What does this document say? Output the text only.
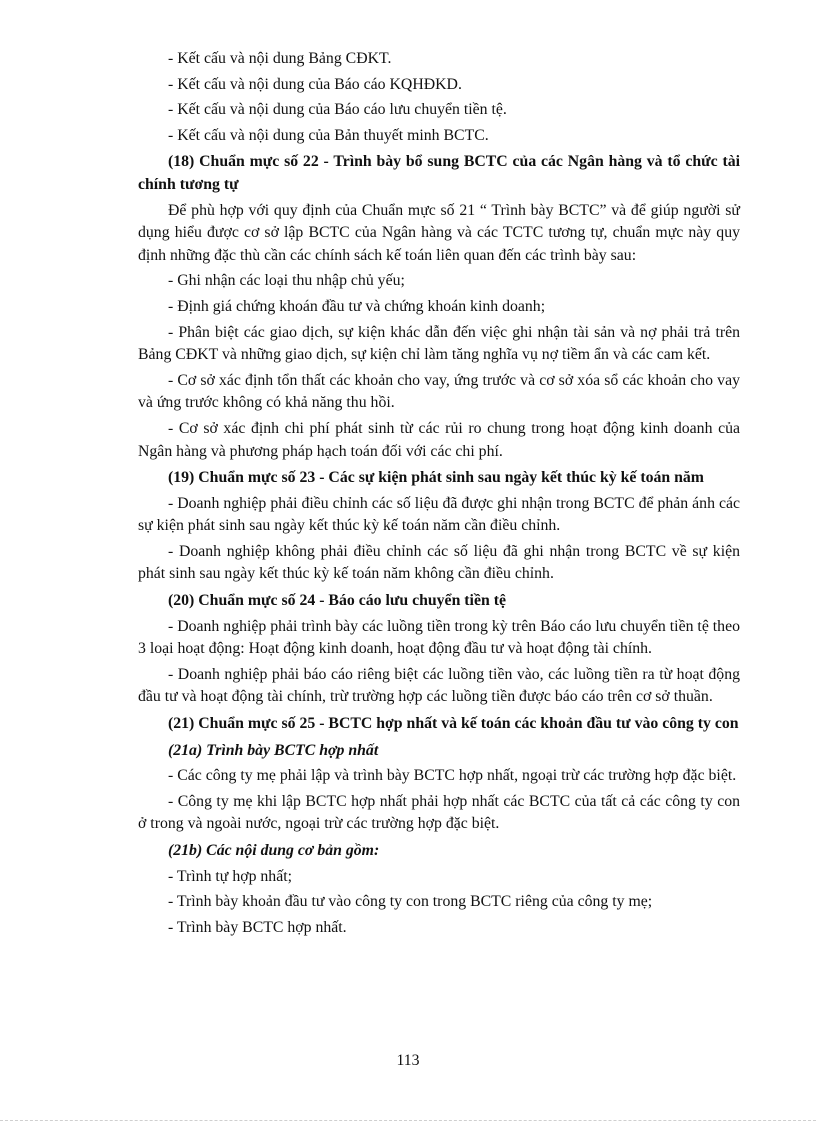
- Kết cấu và nội dung Bảng CĐKT.

- Kết cấu và nội dung của Báo cáo KQHĐKD.

- Kết cấu và nội dung của Báo cáo lưu chuyển tiền tệ.

- Kết cấu và nội dung của Bản thuyết minh BCTC.

(18) Chuẩn mực số 22 - Trình bày bổ sung BCTC của các Ngân hàng và tổ chức tài chính tương tự

Để phù hợp với quy định của Chuẩn mực số 21 “ Trình bày BCTC” và để giúp người sử dụng hiểu được cơ sở lập BCTC của Ngân hàng và các TCTC tương tự, chuẩn mực này quy định những đặc thù cần các chính sách kế toán liên quan đến các trình bày sau:

- Ghi nhận các loại thu nhập chủ yếu;

- Định giá chứng khoán đầu tư và chứng khoán kinh doanh;

- Phân biệt các giao dịch, sự kiện khác dẫn đến việc ghi nhận tài sản và nợ phải trả trên Bảng CĐKT và những giao dịch, sự kiện chỉ làm tăng nghĩa vụ nợ tiềm ẩn và các cam kết.

- Cơ sở xác định tổn thất các khoản cho vay, ứng trước và cơ sở xóa sổ các khoản cho vay và ứng trước không có khả năng thu hồi.

- Cơ sở xác định chi phí phát sinh từ các rủi ro chung trong hoạt động kinh doanh của Ngân hàng và phương pháp hạch toán đối với các chi phí.

(19) Chuẩn mực số 23 - Các sự kiện phát sinh sau ngày kết thúc kỳ kế toán năm

- Doanh nghiệp phải điều chỉnh các số liệu đã được ghi nhận trong BCTC để phản ánh các sự kiện phát sinh sau ngày kết thúc kỳ kế toán năm cần điều chỉnh.

- Doanh nghiệp không phải điều chỉnh các số liệu đã ghi nhận trong BCTC về sự kiện phát sinh sau ngày kết thúc kỳ kế toán năm không cần điều chỉnh.

(20) Chuẩn mực số 24 - Báo cáo lưu chuyển tiền tệ

- Doanh nghiệp phải trình bày các luồng tiền trong kỳ trên Báo cáo lưu chuyển tiền tệ theo 3 loại hoạt động: Hoạt động kinh doanh, hoạt động đầu tư và hoạt động tài chính.

- Doanh nghiệp phải báo cáo riêng biệt các luồng tiền vào, các luồng tiền ra từ hoạt động đầu tư và hoạt động tài chính, trừ trường hợp các luồng tiền được báo cáo trên cơ sở thuần.

(21) Chuẩn mực số 25 - BCTC hợp nhất và kế toán các khoản đầu tư vào công ty con

(21a) Trình bày BCTC hợp nhất

- Các công ty mẹ phải lập và trình bày BCTC hợp nhất, ngoại trừ các trường hợp đặc biệt.

- Công ty mẹ khi lập BCTC hợp nhất phải hợp nhất các BCTC của tất cả các công ty con ở trong và ngoài nước, ngoại trừ các trường hợp đặc biệt.

(21b) Các nội dung cơ bản gồm:

- Trình tự hợp nhất;

- Trình bày khoản đầu tư vào công ty con trong BCTC riêng của công ty mẹ;

- Trình bày BCTC hợp nhất.

113
